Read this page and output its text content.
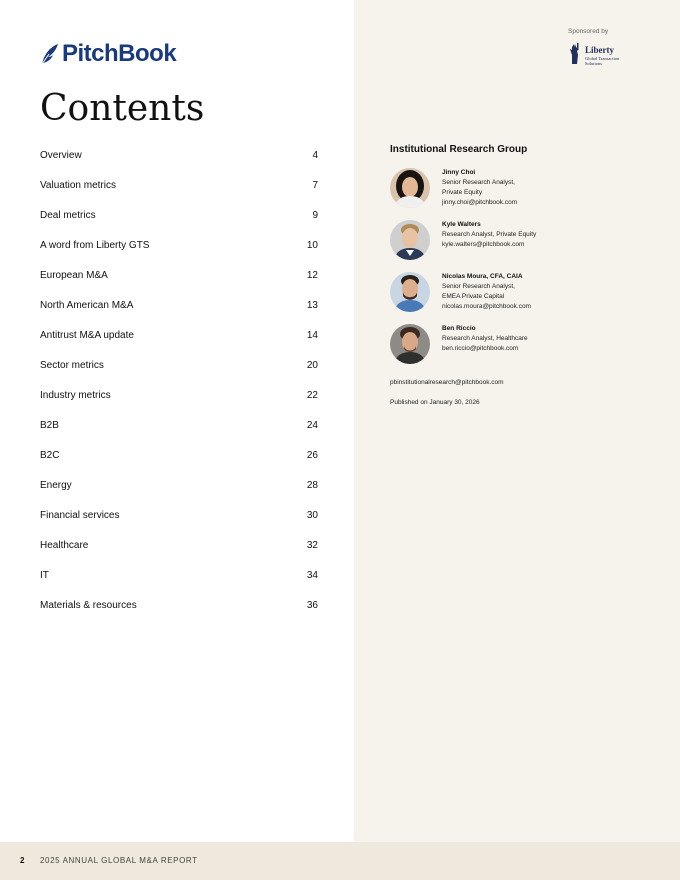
PitchBook
Contents
Overview	4
Valuation metrics	7
Deal metrics	9
A word from Liberty GTS	10
European M&A	12
North American M&A	13
Antitrust M&A update	14
Sector metrics	20
Industry metrics	22
B2B	24
B2C	26
Energy	28
Financial services	30
Healthcare	32
IT	34
Materials & resources	36
Sponsored by
Liberty
Global Transaction
Solutions
Institutional Research Group
Jinny Choi
Senior Research Analyst,
Private Equity
jinny.choi@pitchbook.com
Kyle Walters
Research Analyst, Private Equity
kyle.walters@pitchbook.com
Nicolas Moura, CFA, CAIA
Senior Research Analyst,
EMEA Private Capital
nicolas.moura@pitchbook.com
Ben Riccio
Research Analyst, Healthcare
ben.riccio@pitchbook.com
pbinstitutionalresearch@pitchbook.com
Published on January 30, 2026
2 2025 ANNUAL GLOBAL M&A REPORT
